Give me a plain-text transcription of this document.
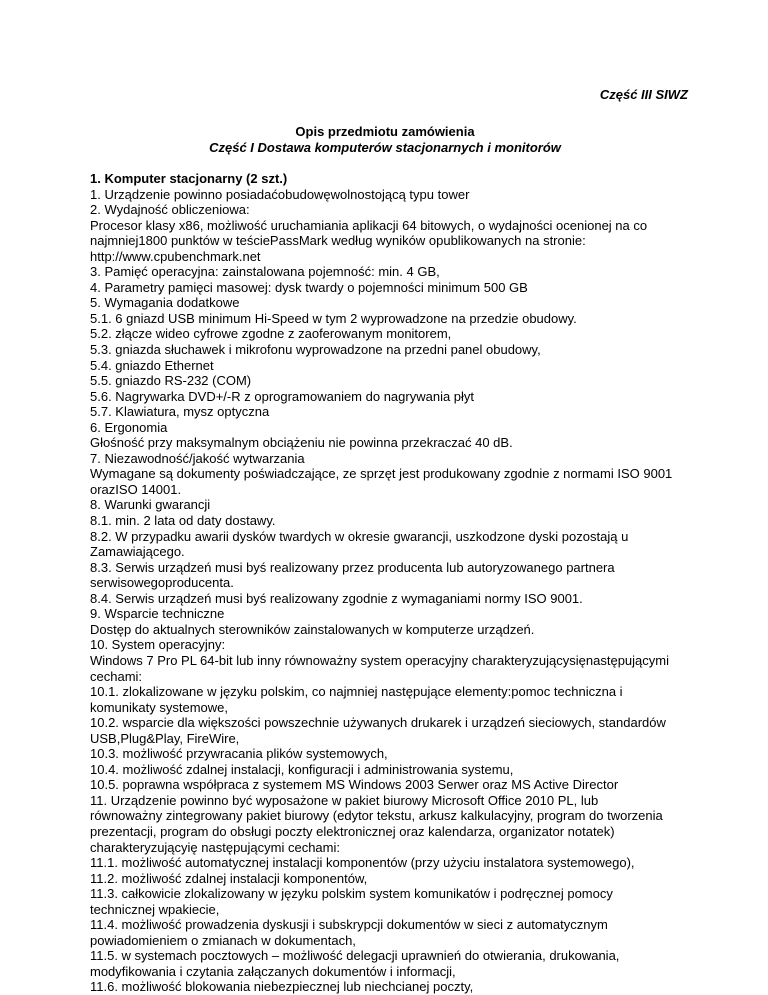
Część III SIWZ
Opis przedmiotu zamówienia
Część I Dostawa komputerów stacjonarnych i monitorów
1. Komputer stacjonarny (2 szt.)
1. Urządzenie powinno posiadaćobudowęwolnostojącą typu tower
2. Wydajność obliczeniowa:
Procesor klasy x86, możliwość uruchamiania aplikacji 64 bitowych, o wydajności ocenionej na co
najmniej1800 punktów w teściePassMark według wyników opublikowanych na stronie:
http://www.cpubenchmark.net
3. Pamięć operacyjna: zainstalowana pojemność: min. 4 GB,
4. Parametry pamięci masowej: dysk twardy o pojemności minimum 500 GB
5. Wymagania dodatkowe
5.1. 6 gniazd USB minimum Hi-Speed w tym 2 wyprowadzone na przedzie obudowy.
5.2. złącze wideo cyfrowe zgodne z zaoferowanym monitorem,
5.3. gniazda słuchawek i mikrofonu wyprowadzone na przedni panel obudowy,
5.4. gniazdo Ethernet
5.5. gniazdo RS-232 (COM)
5.6. Nagrywarka DVD+/-R z oprogramowaniem do nagrywania płyt
5.7. Klawiatura, mysz optyczna
6. Ergonomia
Głośność przy maksymalnym obciążeniu nie powinna przekraczać 40 dB.
7. Niezawodność/jakość wytwarzania
Wymagane są dokumenty poświadczające, ze sprzęt jest produkowany zgodnie z normami ISO 9001
orazISO 14001.
8. Warunki gwarancji
8.1. min. 2 lata od daty dostawy.
8.2. W przypadku awarii dysków twardych w okresie gwarancji, uszkodzone dyski pozostają u
Zamawiającego.
8.3. Serwis urządzeń musi byś realizowany przez producenta lub autoryzowanego partnera
serwisowegoproducenta.
8.4. Serwis urządzeń musi byś realizowany zgodnie z wymaganiami normy ISO 9001.
9. Wsparcie techniczne
Dostęp do aktualnych sterowników zainstalowanych w komputerze urządzeń.
10. System operacyjny:
Windows 7 Pro PL 64-bit lub inny równoważny system operacyjny charakteryzującysięnastępującymi
cechami:
10.1. zlokalizowane w języku polskim, co najmniej następujące elementy:pomoc techniczna i
komunikaty systemowe,
10.2. wsparcie dla większości powszechnie używanych drukarek i urządzeń sieciowych, standardów
USB,Plug&Play, FireWire,
10.3. możliwość przywracania plików systemowych,
10.4. możliwość zdalnej instalacji, konfiguracji i administrowania systemu,
10.5. poprawna współpraca z systemem MS Windows 2003 Serwer oraz MS Active Director
11. Urządzenie powinno być wyposażone w pakiet biurowy Microsoft Office 2010 PL, lub
równoważny zintegrowany pakiet biurowy (edytor tekstu, arkusz kalkulacyjny, program do tworzenia
prezentacji, program do obsługi poczty elektronicznej oraz kalendarza, organizator notatek)
charakteryzującyię następującymi cechami:
11.1. możliwość automatycznej instalacji komponentów (przy użyciu instalatora systemowego),
11.2. możliwość zdalnej instalacji komponentów,
11.3. całkowicie zlokalizowany w języku polskim system komunikatów i podręcznej pomocy
technicznej wpakiecie,
11.4. możliwość prowadzenia dyskusji i subskrypcji dokumentów w sieci z automatycznym
powiadomieniem o zmianach w dokumentach,
11.5. w systemach pocztowych – możliwość delegacji uprawnień do otwierania, drukowania,
modyfikowania i czytania załączanych dokumentów i informacji,
11.6. możliwość blokowania niebezpiecznej lub niechcianej poczty,
